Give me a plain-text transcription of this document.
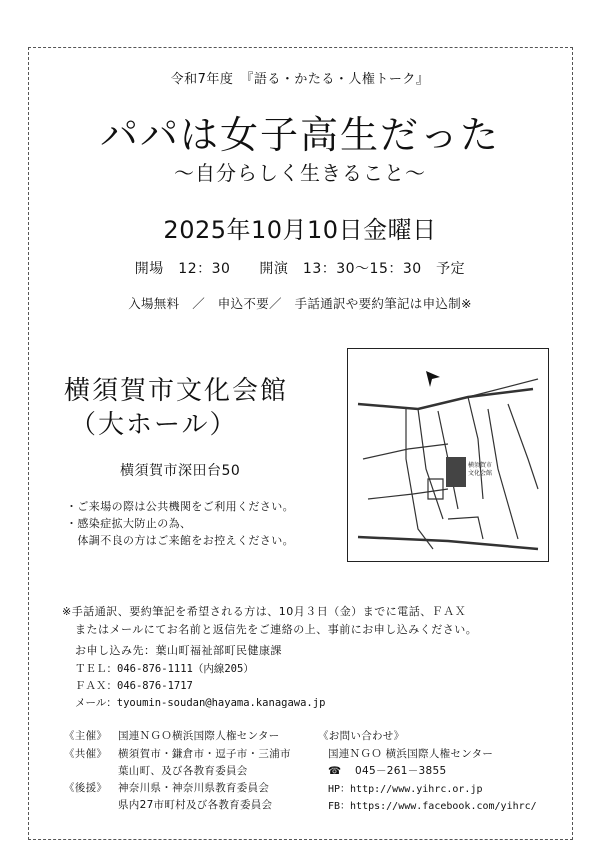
令和7年度　『語る・かたる・人権トーク』
パパは女子高生だった
〜自分らしく生きること〜
2025年10月10日金曜日
開場　12：30　　開演　13：30〜15：30　予定
入場無料　／　申込不要／　手話通訳や要約筆記は申込制※
横須賀市文化会館
（大ホール）
横須賀市深田台50
・ご来場の際は公共機関をご利用ください。
・感染症拡大防止の為、
　体調不良の方はご来館をお控えください。
横須賀市
文化会館
※手話通訳、要約筆記を希望される方は、10月３日（金）までに電話、ＦＡＸ
またはメールにてお名前と返信先をご連絡の上、事前にお申し込みください。
お申し込み先：葉山町福祉部町民健康課
ＴＥＬ：046-876-1111（内線205）
ＦＡＸ：046-876-1717
メール：tyoumin-soudan@hayama.kanagawa.jp
《主催》 国連ＮＧＯ横浜国際人権センター
《共催》 横須賀市・鎌倉市・逗子市・三浦市
葉山町、及び各教育委員会
《後援》 神奈川県・神奈川県教育委員会
県内27市町村及び各教育委員会
《お問い合わせ》
国連ＮＧＯ 横浜国際人権センター
☎ 045－261－3855
HP：http://www.yihrc.or.jp
FB：https://www.facebook.com/yihrc/
